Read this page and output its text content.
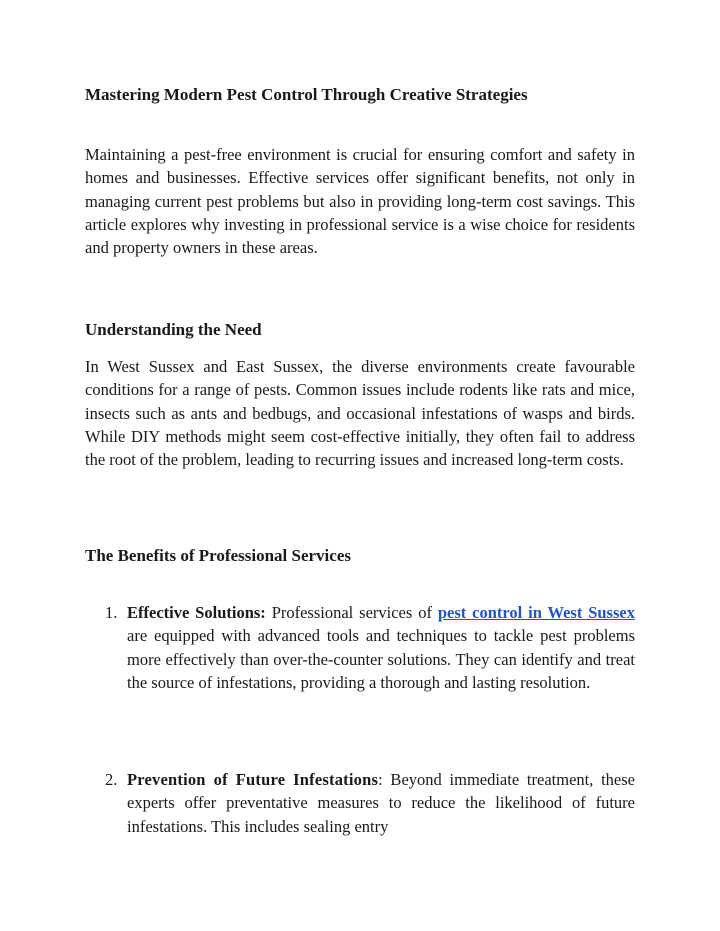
Mastering Modern Pest Control Through Creative Strategies

Maintaining a pest-free environment is crucial for ensuring comfort and safety in homes and businesses. Effective services offer significant benefits, not only in managing current pest problems but also in providing long-term cost savings. This article explores why investing in professional service is a wise choice for residents and property owners in these areas.

Understanding the Need

In West Sussex and East Sussex, the diverse environments create favourable conditions for a range of pests. Common issues include rodents like rats and mice, insects such as ants and bedbugs, and occasional infestations of wasps and birds. While DIY methods might seem cost-effective initially, they often fail to address the root of the problem, leading to recurring issues and increased long-term costs.

The Benefits of Professional Services
1. Effective Solutions: Professional services of pest control in West Sussex are equipped with advanced tools and techniques to tackle pest problems more effectively than over-the-counter solutions. They can identify and treat the source of infestations, providing a thorough and lasting resolution.

2. Prevention of Future Infestations: Beyond immediate treatment, these experts offer preventative measures to reduce the likelihood of future infestations. This includes sealing entry
